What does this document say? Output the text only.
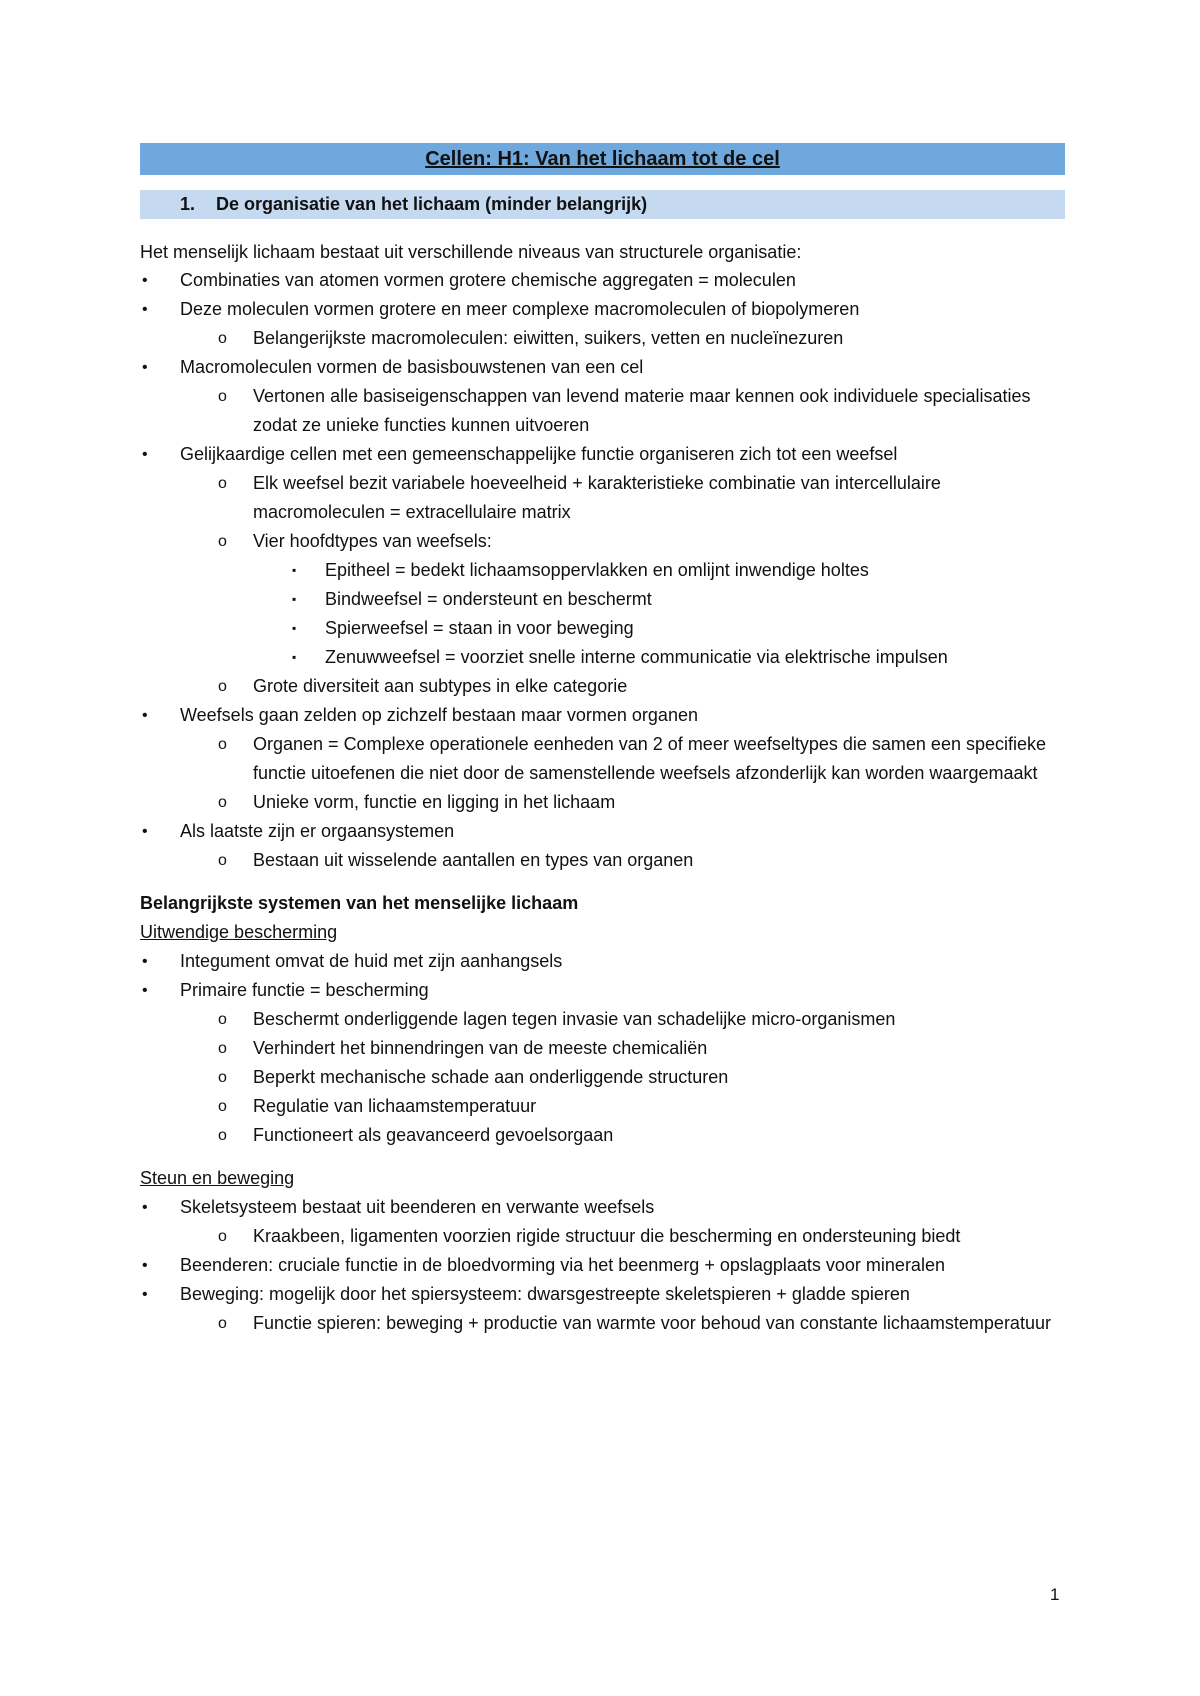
Cellen: H1: Van het lichaam tot de cel
1.	De organisatie van het lichaam (minder belangrijk)
Het menselijk lichaam bestaat uit verschillende niveaus van structurele organisatie:
• Combinaties van atomen vormen grotere chemische aggregaten = moleculen
• Deze moleculen vormen grotere en meer complexe macromoleculen of biopolymeren
o Belangerijkste macromoleculen: eiwitten, suikers, vetten en nucleïnezuren
• Macromoleculen vormen de basisbouwstenen van een cel
o Vertonen alle basiseigenschappen van levend materie maar kennen ook individuele specialisaties zodat ze unieke functies kunnen uitvoeren
• Gelijkaardige cellen met een gemeenschappelijke functie organiseren zich tot een weefsel
o Elk weefsel bezit variabele hoeveelheid + karakteristieke combinatie van intercellulaire macromoleculen = extracellulaire matrix
o Vier hoofdtypes van weefsels:
▪ Epitheel = bedekt lichaamsoppervlakken en omlijnt inwendige holtes
▪ Bindweefsel = ondersteunt en beschermt
▪ Spierweefsel = staan in voor beweging
▪ Zenuwweefsel = voorziet snelle interne communicatie via elektrische impulsen
o Grote diversiteit aan subtypes in elke categorie
• Weefsels gaan zelden op zichzelf bestaan maar vormen organen
o Organen = Complexe operationele eenheden van 2 of meer weefseltypes die samen een specifieke functie uitoefenen die niet door de samenstellende weefsels afzonderlijk kan worden waargemaakt
o Unieke vorm, functie en ligging in het lichaam
• Als laatste zijn er orgaansystemen
o Bestaan uit wisselende aantallen en types van organen
Belangrijkste systemen van het menselijke lichaam
Uitwendige bescherming
• Integument omvat de huid met zijn aanhangsels
• Primaire functie = bescherming
o Beschermt onderliggende lagen tegen invasie van schadelijke micro-organismen
o Verhindert het binnendringen van de meeste chemicaliën
o Beperkt mechanische schade aan onderliggende structuren
o Regulatie van lichaamstemperatuur
o Functioneert als geavanceerd gevoelsorgaan
Steun en beweging
• Skeletsysteem bestaat uit beenderen en verwante weefsels
o Kraakbeen, ligamenten voorzien rigide structuur die bescherming en ondersteuning biedt
• Beenderen: cruciale functie in de bloedvorming via het beenmerg + opslagplaats voor mineralen
• Beweging: mogelijk door het spiersysteem: dwarsgestreepte skeletspieren + gladde spieren
o Functie spieren: beweging + productie van warmte voor behoud van constante lichaamstemperatuur
1
